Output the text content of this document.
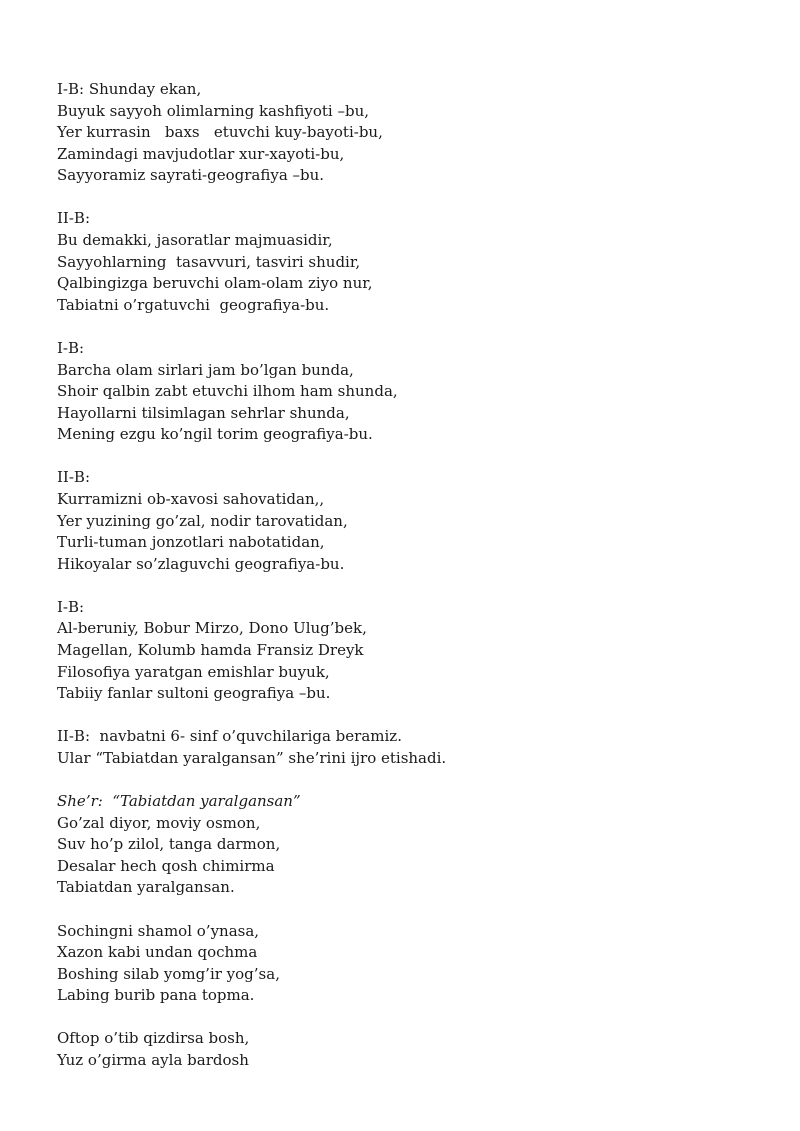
I-B: Shunday ekan,
Buyuk sayyoh olimlarning kashfiyoti –bu,
Yer kurrasin   baxs   etuvchi kuy-bayoti-bu,
Zamindagi mavjudotlar xur-xayoti-bu,
Sayyoramiz sayrati-geografiya –bu.
II-B:
Bu demakki, jasoratlar majmuasidir,
Sayyohlarning  tasavvuri, tasviri shudir,
Qalbingizga beruvchi olam-olam ziyo nur,
Tabiatni o’rgatuvchi  geografiya-bu.
I-B:
Barcha olam sirlari jam bo’lgan bunda,
Shoir qalbin zabt etuvchi ilhom ham shunda,
Hayollarni tilsimlagan sehrlar shunda,
Mening ezgu ko’ngil torim geografiya-bu.
II-B:
Kurramizni ob-xavosi sahovatidan,,
Yer yuzining go’zal, nodir tarovatidan,
Turli-tuman jonzotlari nabotatidan,
Hikoyalar so’zlaguvchi geografiya-bu.
I-B:
Al-beruniy, Bobur Mirzo, Dono Ulug’bek,
Magellan, Kolumb hamda Fransiz Dreyk
Filosofiya yaratgan emishlar buyuk,
Tabiiy fanlar sultoni geografiya –bu.
II-B:  navbatni 6- sinf o’quvchilariga beramiz.
Ular “Tabiatdan yaralgansan” she’rini ijro etishadi.
She’r:  “Tabiatdan yaralgansan”
Go’zal diyor, moviy osmon,
Suv ho’p zilol, tanga darmon,
Desalar hech qosh chimirma
Tabiatdan yaralgansan.
Sochingni shamol o’ynasa,
Xazon kabi undan qochma
Boshing silab yomg’ir yog’sa,
Labing burib pana topma.
Oftop o’tib qizdirsa bosh,
Yuz o’girma ayla bardosh
